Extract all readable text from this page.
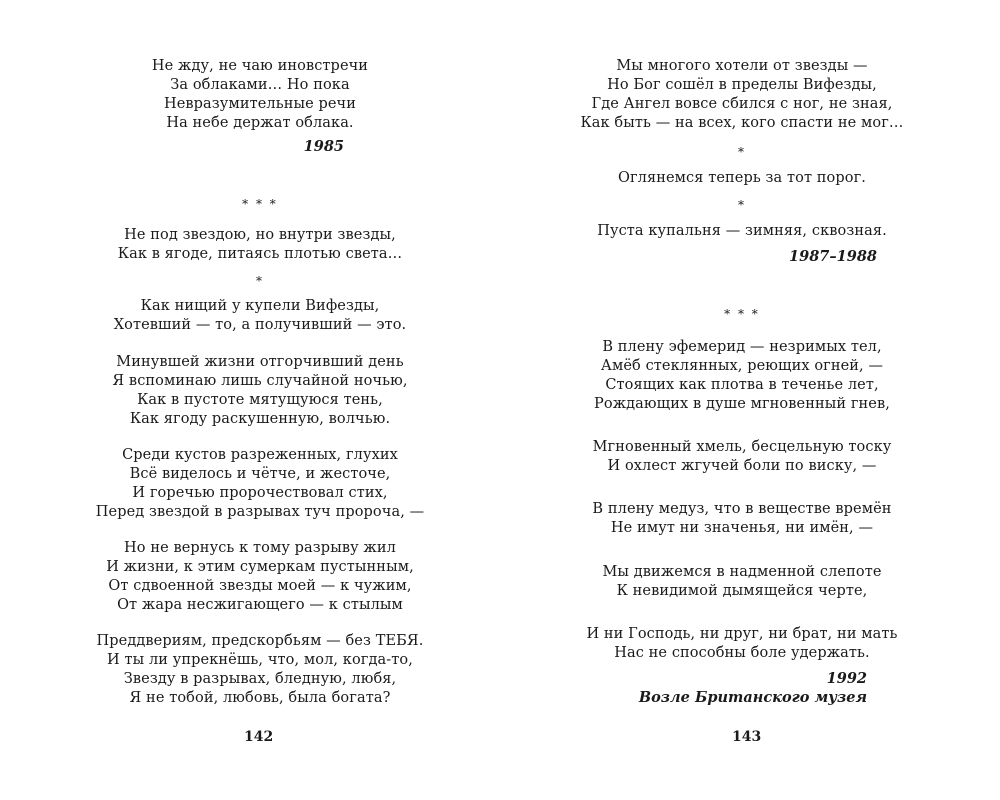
Не жду, не чаю иновстречи
За облаками… Но пока
Невразумительные речи
На небе держат облака.
1985
* * *
Не под звездою, но внутри звезды,
Как в ягоде, питаясь плотью света…
*
Как нищий у купели Вифезды,
Хотевший — то, а получивший — это.
Минувшей жизни отгорчивший день
Я вспоминаю лишь случайной ночью,
Как в пустоте мятущуюся тень,
Как ягоду раскушенную, волчью.
Среди кустов разреженных, глухих
Всё виделось и чётче, и жесточе,
И горечью пророчествовал стих,
Перед звездой в разрывах туч пророча, —
Но не вернусь к тому разрыву жил
И жизни, к этим сумеркам пустынным,
От сдвоенной звезды моей — к чужим,
От жара несжигающего — к стылым
Преддвериям, предскорбьям — без ТЕБЯ.
И ты ли упрекнёшь, что, мол, когда-то,
Звезду в разрывах, бледную, любя,
Я не тобой, любовь, была богата?
142
Мы многого хотели от звезды —
Но Бог сошёл в пределы Вифезды,
Где Ангел вовсе сбился с ног, не зная,
Как быть — на всех, кого спасти не мог…
*
Оглянемся теперь за тот порог.
*
Пуста купальня — зимняя, сквозная.
1987–1988
* * *
В плену эфемерид — незримых тел,
Амёб стеклянных, реющих огней, —
Стоящих как плотва в теченье лет,
Рождающих в душе мгновенный гнев,
Мгновенный хмель, бесцельную тоску
И охлест жгучей боли по виску, —
В плену медуз, что в веществе времён
Не имут ни значенья, ни имён, —
Мы движемся в надменной слепоте
К невидимой дымящейся черте,
И ни Господь, ни друг, ни брат, ни мать
Нас не способны боле удержать.
1992
Возле Британского музея
143
